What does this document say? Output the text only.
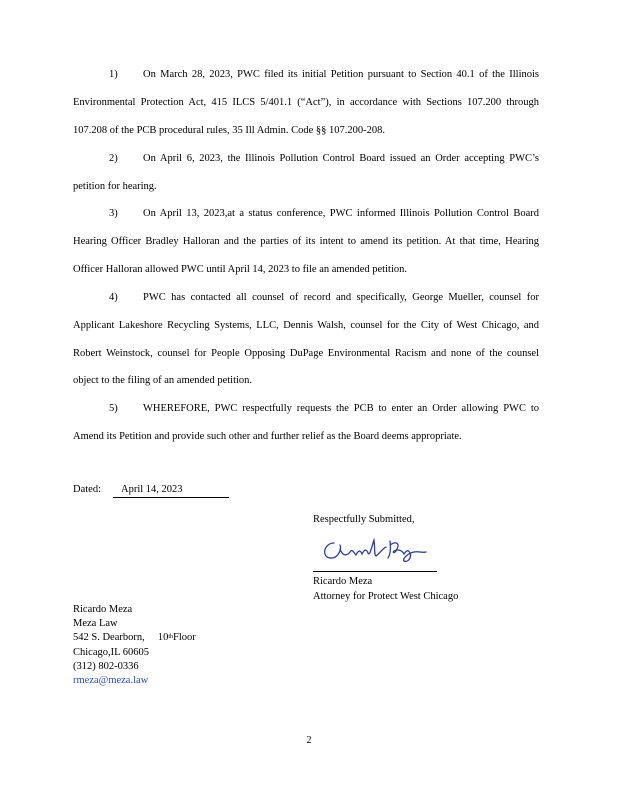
1) On March 28, 2023, PWC filed its initial Petition pursuant to Section 40.1 of the Illinois Environmental Protection Act, 415 ILCS 5/401.1 (“Act”), in accordance with Sections 107.200 through 107.208 of the PCB procedural rules, 35 Ill Admin. Code §§ 107.200-208.
2) On April 6, 2023, the Illinois Pollution Control Board issued an Order accepting PWC’s petition for hearing.
3) On April 13, 2023,at a status conference, PWC informed Illinois Pollution Control Board Hearing Officer Bradley Halloran and the parties of its intent to amend its petition. At that time, Hearing Officer Halloran allowed PWC until April 14, 2023 to file an amended petition.
4) PWC has contacted all counsel of record and specifically, George Mueller, counsel for Applicant Lakeshore Recycling Systems, LLC, Dennis Walsh, counsel for the City of West Chicago, and Robert Weinstock, counsel for People Opposing DuPage Environmental Racism and none of the counsel object to the filing of an amended petition.
5) WHEREFORE, PWC respectfully requests the PCB to enter an Order allowing PWC to Amend its Petition and provide such other and further relief as the Board deems appropriate.
Dated: April 14, 2023
Respectfully Submitted,
Ricardo Meza
Attorney for Protect West Chicago
Ricardo Meza
Meza Law
542 S. Dearborn, 10thFloor
Chicago,IL 60605
(312) 802-0336
rmeza@meza.law
2
